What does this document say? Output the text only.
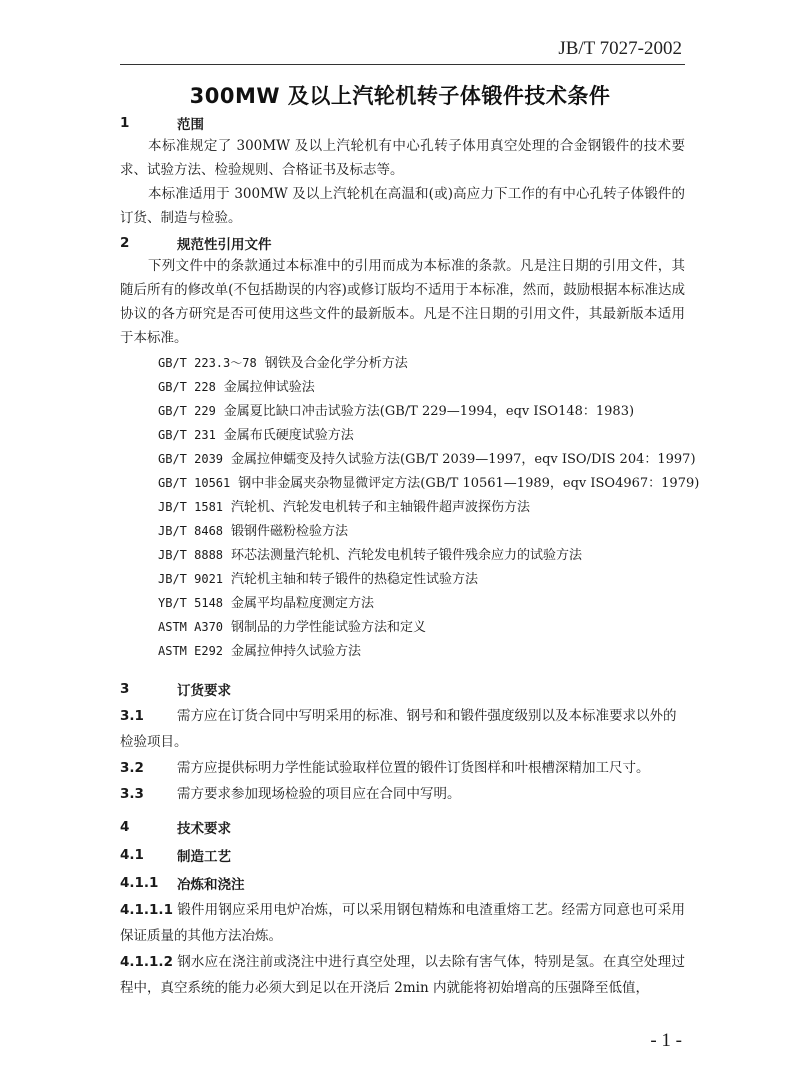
JB/T 7027-2002
300MW 及以上汽轮机转子体锻件技术条件
1	范围

本标准规定了 300MW 及以上汽轮机有中心孔转子体用真空处理的合金钢锻件的技术要求、试验方法、检验规则、合格证书及标志等。

本标准适用于 300MW 及以上汽轮机在高温和(或)高应力下工作的有中心孔转子体锻件的订货、制造与检验。

2	规范性引用文件

下列文件中的条款通过本标准中的引用而成为本标准的条款。凡是注日期的引用文件，其随后所有的修改单(不包括勘误的内容)或修订版均不适用于本标准，然而，鼓励根据本标准达成协议的各方研究是否可使用这些文件的最新版本。凡是不注日期的引用文件，其最新版本适用于本标准。

GB/T 223.3～78 钢铁及合金化学分析方法
GB/T 228 金属拉伸试验法
GB/T 229 金属夏比缺口冲击试验方法(GB/T 229—1994，eqv ISO148：1983)
GB/T 231 金属布氏硬度试验方法
GB/T 2039 金属拉伸蠕变及持久试验方法(GB/T 2039—1997，eqv ISO/DIS 204：1997)
GB/T 10561 钢中非金属夹杂物显微评定方法(GB/T 10561—1989，eqv ISO4967：1979)
JB/T 1581 汽轮机、汽轮发电机转子和主轴锻件超声波探伤方法
JB/T 8468 锻钢件磁粉检验方法
JB/T 8888 环芯法测量汽轮机、汽轮发电机转子锻件残余应力的试验方法
JB/T 9021 汽轮机主轴和转子锻件的热稳定性试验方法
YB/T 5148 金属平均晶粒度测定方法
ASTM A370 钢制品的力学性能试验方法和定义
ASTM E292 金属拉伸持久试验方法
3	订货要求

3.1 需方应在订货合同中写明采用的标准、钢号和和锻件强度级别以及本标准要求以外的检验项目。

3.2 需方应提供标明力学性能试验取样位置的锻件订货图样和叶根槽深精加工尺寸。

3.3 需方要求参加现场检验的项目应在合同中写明。

4	技术要求
4.1	制造工艺
4.1.1	冶炼和浇注

4.1.1.1 锻件用钢应采用电炉冶炼，可以采用钢包精炼和电渣重熔工艺。经需方同意也可采用保证质量的其他方法冶炼。

4.1.1.2 钢水应在浇注前或浇注中进行真空处理，以去除有害气体，特别是氢。在真空处理过程中，真空系统的能力必须大到足以在开浇后 2min 内就能将初始增高的压强降至低值，

- 1 -
